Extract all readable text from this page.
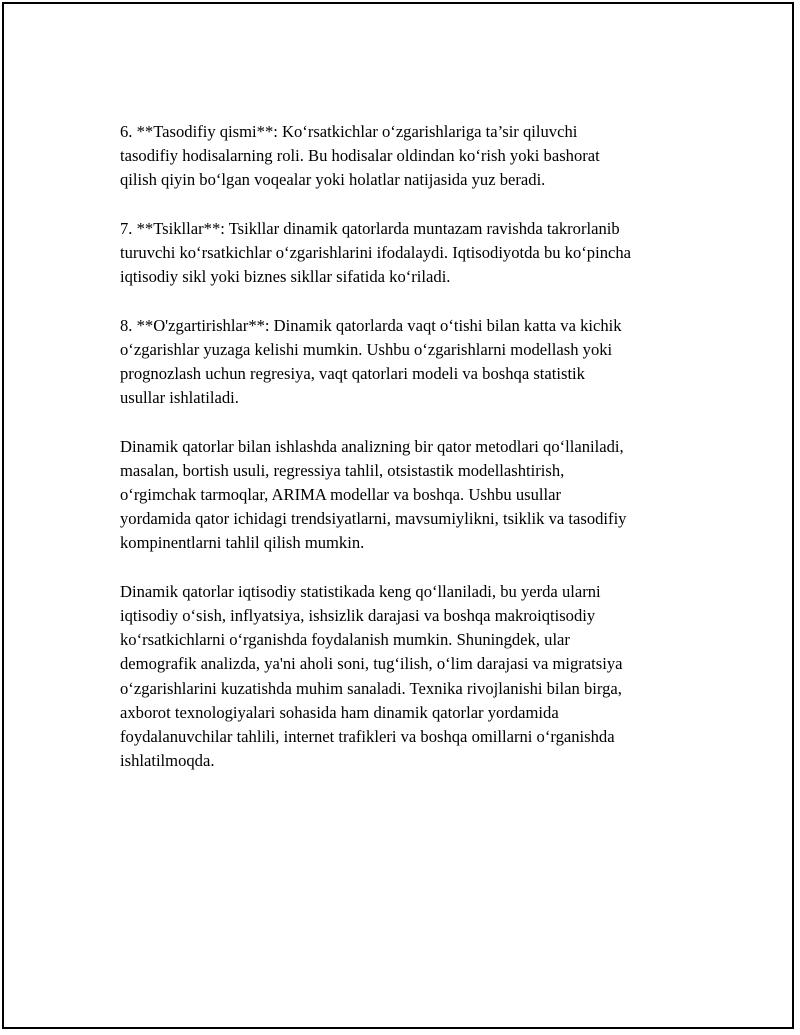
6. **Tasodifiy qismi**: Ko‘rsatkichlar o‘zgarishlariga ta’sir qiluvchi
tasodifiy hodisalarning roli. Bu hodisalar oldindan ko‘rish yoki bashorat
qilish qiyin bo‘lgan voqealar yoki holatlar natijasida yuz beradi.

7. **Tsikllar**: Tsikllar dinamik qatorlarda muntazam ravishda takrorlanib
turuvchi ko‘rsatkichlar o‘zgarishlarini ifodalaydi. Iqtisodiyotda bu ko‘pincha
iqtisodiy sikl yoki biznes sikllar sifatida ko‘riladi.

8. **O'zgartirishlar**: Dinamik qatorlarda vaqt o‘tishi bilan katta va kichik
o‘zgarishlar yuzaga kelishi mumkin. Ushbu o‘zgarishlarni modellash yoki
prognozlash uchun regresiya, vaqt qatorlari modeli va boshqa statistik
usullar ishlatiladi.

Dinamik qatorlar bilan ishlashda analizning bir qator metodlari qo‘llaniladi,
masalan, bortish usuli, regressiya tahlil, otsistastik modellashtirish,
o‘rgimchak tarmoqlar, ARIMA modellar va boshqa. Ushbu usullar
yordamida qator ichidagi trendsiyatlarni, mavsumiylikni, tsiklik va tasodifiy
kompinentlarni tahlil qilish mumkin.

Dinamik qatorlar iqtisodiy statistikada keng qo‘llaniladi, bu yerda ularni
iqtisodiy o‘sish, inflyatsiya, ishsizlik darajasi va boshqa makroiqtisodiy
ko‘rsatkichlarni o‘rganishda foydalanish mumkin. Shuningdek, ular
demografik analizda, ya'ni aholi soni, tug‘ilish, o‘lim darajasi va migratsiya
o‘zgarishlarini kuzatishda muhim sanaladi. Texnika rivojlanishi bilan birga,
axborot texnologiyalari sohasida ham dinamik qatorlar yordamida
foydalanuvchilar tahlili, internet trafikleri va boshqa omillarni o‘rganishda
ishlatilmoqda.
